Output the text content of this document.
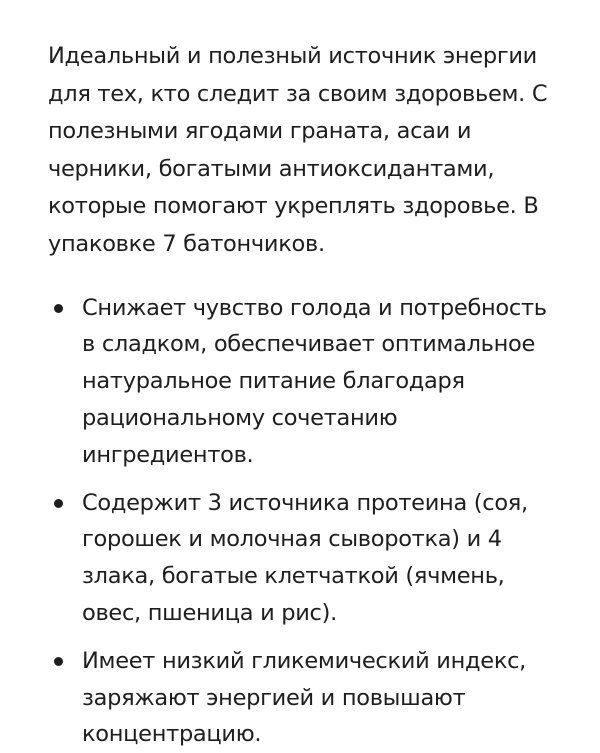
Идеальный и полезный источник энергии для тех, кто следит за своим здоровьем. С полезными ягодами граната, асаи и черники, богатыми антиоксидантами, которые помогают укреплять здоровье. В упаковке 7 батончиков.

Снижает чувство голода и потребность в сладком, обеспечивает оптимальное натуральное питание благодаря рациональному сочетанию ингредиентов.
Содержит 3 источника протеина (соя, горошек и молочная сыворотка) и 4 злака, богатые клетчаткой (ячмень, овес, пшеница и рис).
Имеет низкий гликемический индекс, заряжают энергией и повышают концентрацию.
